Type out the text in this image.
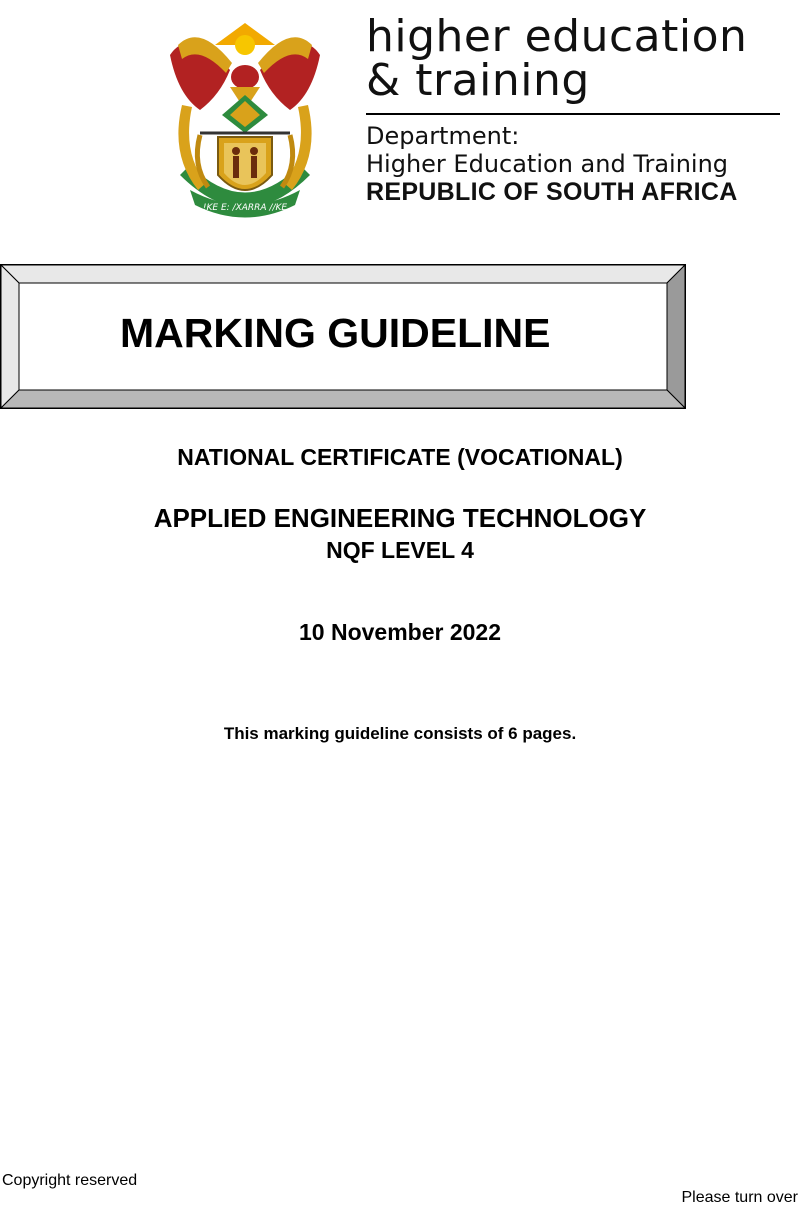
!KE E: /XARRA //KE
higher education
& training
Department:
Higher Education and Training
REPUBLIC OF SOUTH AFRICA
MARKING GUIDELINE
NATIONAL CERTIFICATE (VOCATIONAL)
APPLIED ENGINEERING TECHNOLOGY
NQF LEVEL 4
10 November 2022
This marking guideline consists of 6 pages.
Copyright reserved
Please turn over
